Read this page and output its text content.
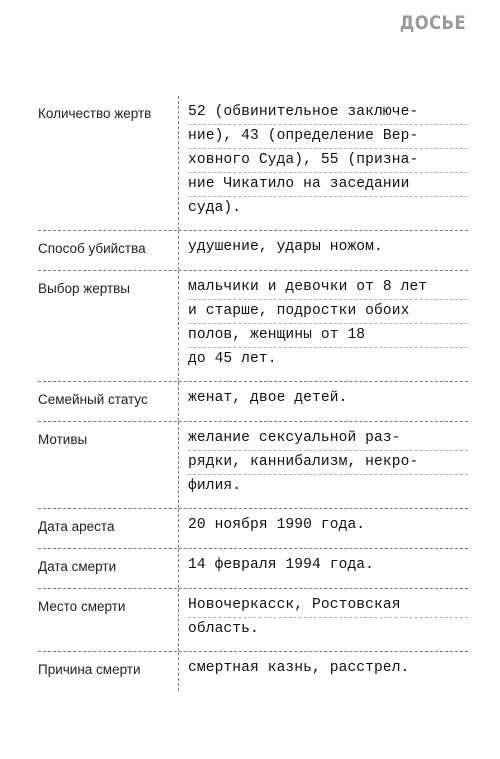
ДОСЬЕ
Количество жертв	52 (обвинительное заключе-
ние), 43 (определение Вер-
ховного Суда), 55 (призна-
ние Чикатило на заседании
суда).
Способ убийства	удушение, удары ножом.
Выбор жертвы	мальчики и девочки от 8 лет
и старше, подростки обоих
полов, женщины от 18
до 45 лет.
Семейный статус	женат, двое детей.
Мотивы	желание сексуальной раз-
рядки, каннибализм, некро-
филия.
Дата ареста	20 ноября 1990 года.
Дата смерти	14 февраля 1994 года.
Место смерти	Новочеркасск, Ростовская
область.
Причина смерти	смертная казнь, расстрел.
